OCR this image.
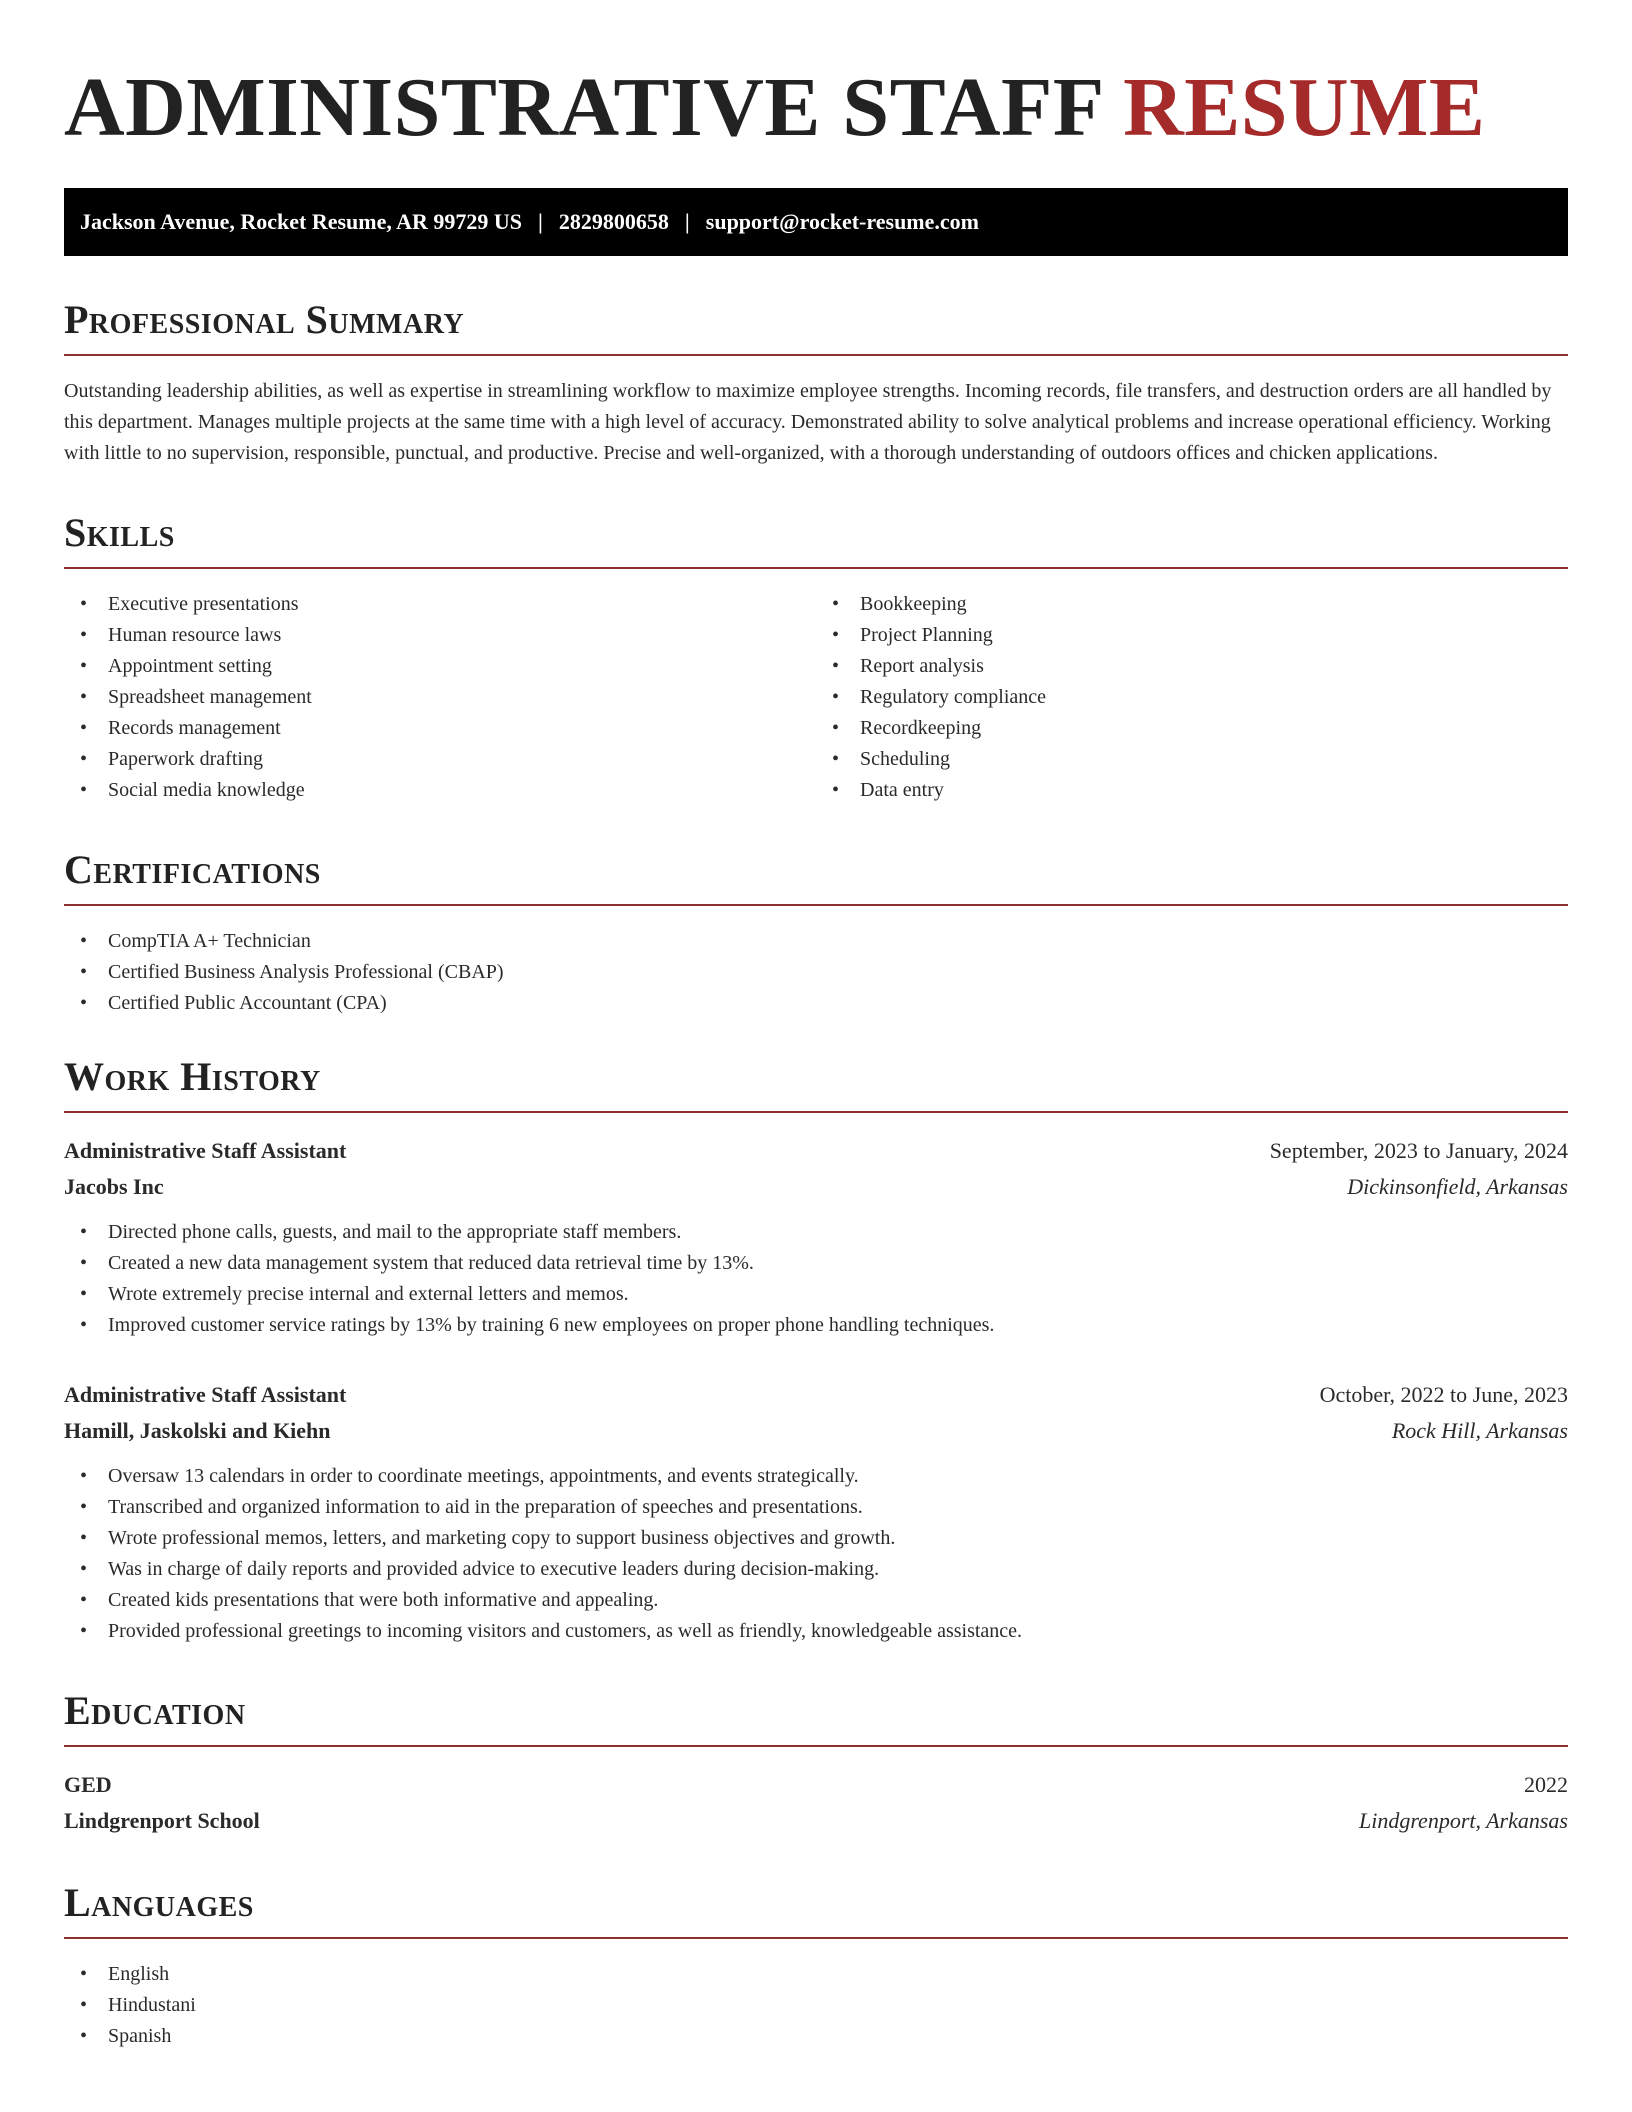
ADMINISTRATIVE STAFF RESUME
Jackson Avenue, Rocket Resume, AR 99729 US | 2829800658 | support@rocket-resume.com
Professional Summary

Outstanding leadership abilities, as well as expertise in streamlining workflow to maximize employee strengths. Incoming records, file transfers, and destruction orders are all handled by this department. Manages multiple projects at the same time with a high level of accuracy. Demonstrated ability to solve analytical problems and increase operational efficiency. Working with little to no supervision, responsible, punctual, and productive. Precise and well-organized, with a thorough understanding of outdoors offices and chicken applications.

Skills
• Executive presentations
• Human resource laws
• Appointment setting
• Spreadsheet management
• Records management
• Paperwork drafting
• Social media knowledge
• Bookkeeping
• Project Planning
• Report analysis
• Regulatory compliance
• Recordkeeping
• Scheduling
• Data entry
Certifications
• CompTIA A+ Technician
• Certified Business Analysis Professional (CBAP)
• Certified Public Accountant (CPA)
Work History
Administrative Staff Assistant	September, 2023 to January, 2024
Jacobs Inc	Dickinsonfield, Arkansas
• Directed phone calls, guests, and mail to the appropriate staff members.
• Created a new data management system that reduced data retrieval time by 13%.
• Wrote extremely precise internal and external letters and memos.
• Improved customer service ratings by 13% by training 6 new employees on proper phone handling techniques.
Administrative Staff Assistant	October, 2022 to June, 2023
Hamill, Jaskolski and Kiehn	Rock Hill, Arkansas
• Oversaw 13 calendars in order to coordinate meetings, appointments, and events strategically.
• Transcribed and organized information to aid in the preparation of speeches and presentations.
• Wrote professional memos, letters, and marketing copy to support business objectives and growth.
• Was in charge of daily reports and provided advice to executive leaders during decision-making.
• Created kids presentations that were both informative and appealing.
• Provided professional greetings to incoming visitors and customers, as well as friendly, knowledgeable assistance.
Education
GED	2022
Lindgrenport School	Lindgrenport, Arkansas
Languages
• English
• Hindustani
• Spanish
